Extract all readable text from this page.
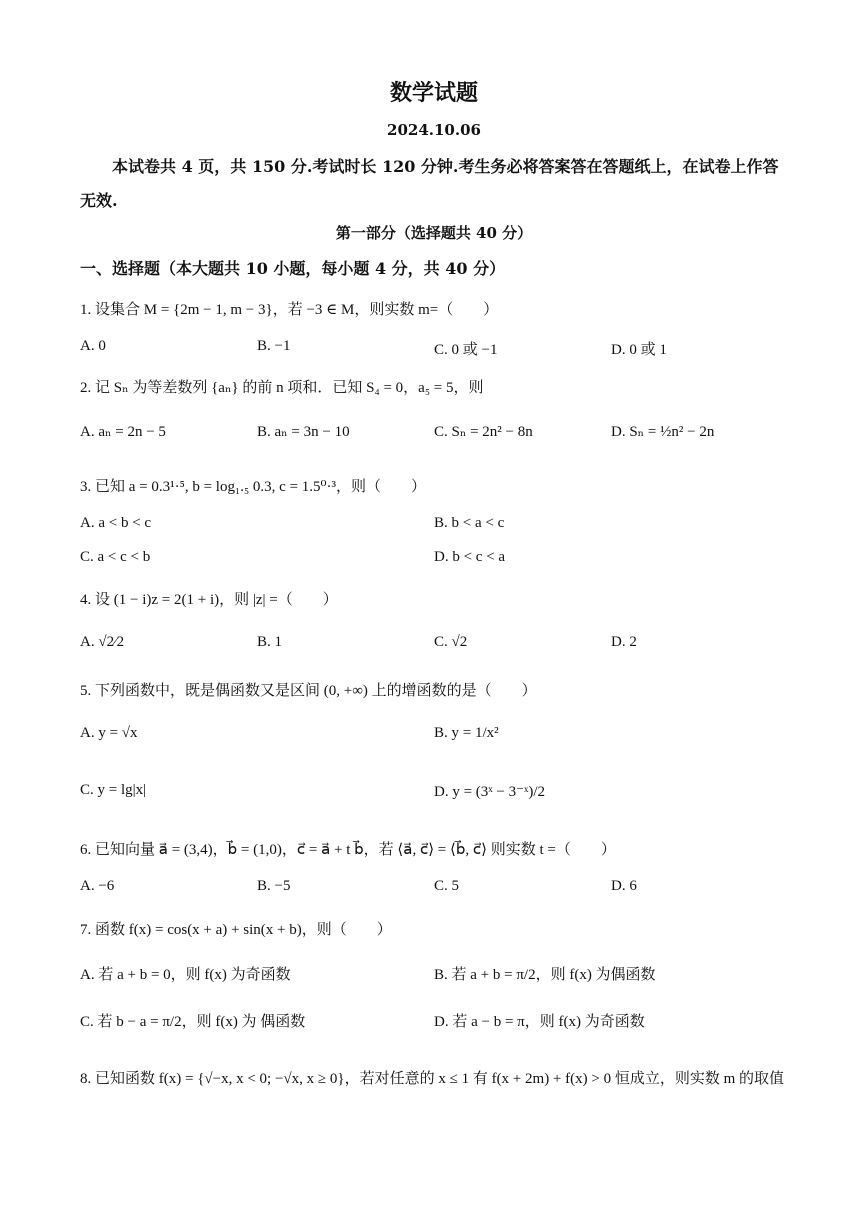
数学试题
2024.10.06
本试卷共 4 页，共 150 分.考试时长 120 分钟.考生务必将答案答在答题纸上，在试卷上作答无效.
第一部分（选择题共 40 分）
一、选择题（本大题共 10 小题，每小题 4 分，共 40 分）
1. 设集合 M = {2m − 1, m − 3}，若 −3 ∈ M，则实数 m=（　　）
A. 0	B. −1	C. 0 或 −1	D. 0 或 1
2. 记 Sₙ 为等差数列 {aₙ} 的前 n 项和．已知 S₄ = 0，a₅ = 5，则
A. aₙ = 2n − 5	B. aₙ = 3n − 10	C. Sₙ = 2n² − 8n	D. Sₙ = ½n² − 2n
3. 已知 a = 0.3¹·⁵, b = log₁.₅ 0.3, c = 1.5⁰·³，则（　　）
A. a < b < c	B. b < a < c
C. a < c < b	D. b < c < a
4. 设 (1 − i)z = 2(1 + i)，则 |z| =（　　）
A. √2⁄2	B. 1	C. √2	D. 2
5. 下列函数中，既是偶函数又是区间 (0, +∞) 上的增函数的是（　　）
A. y = √x	B. y = 1/x²
C. y = lg|x|	D. y = (3ˣ − 3⁻ˣ)/2
6. 已知向量 a⃗ = (3,4)，b⃗ = (1,0)，c⃗ = a⃗ + t b⃗，若 ⟨a⃗, c⃗⟩ = ⟨b⃗, c⃗⟩ 则实数 t =（　　）
A. −6	B. −5	C. 5	D. 6
7. 函数 f(x) = cos(x + a) + sin(x + b)，则（　　）
A. 若 a + b = 0，则 f(x) 为奇函数	B. 若 a + b = π/2，则 f(x) 为偶函数
C. 若 b − a = π/2，则 f(x) 为 偶函数	D. 若 a − b = π，则 f(x) 为奇函数
8. 已知函数 f(x) = {√−x, x < 0; −√x, x ≥ 0}，若对任意的 x ≤ 1 有 f(x + 2m) + f(x) > 0 恒成立，则实数 m 的取值
